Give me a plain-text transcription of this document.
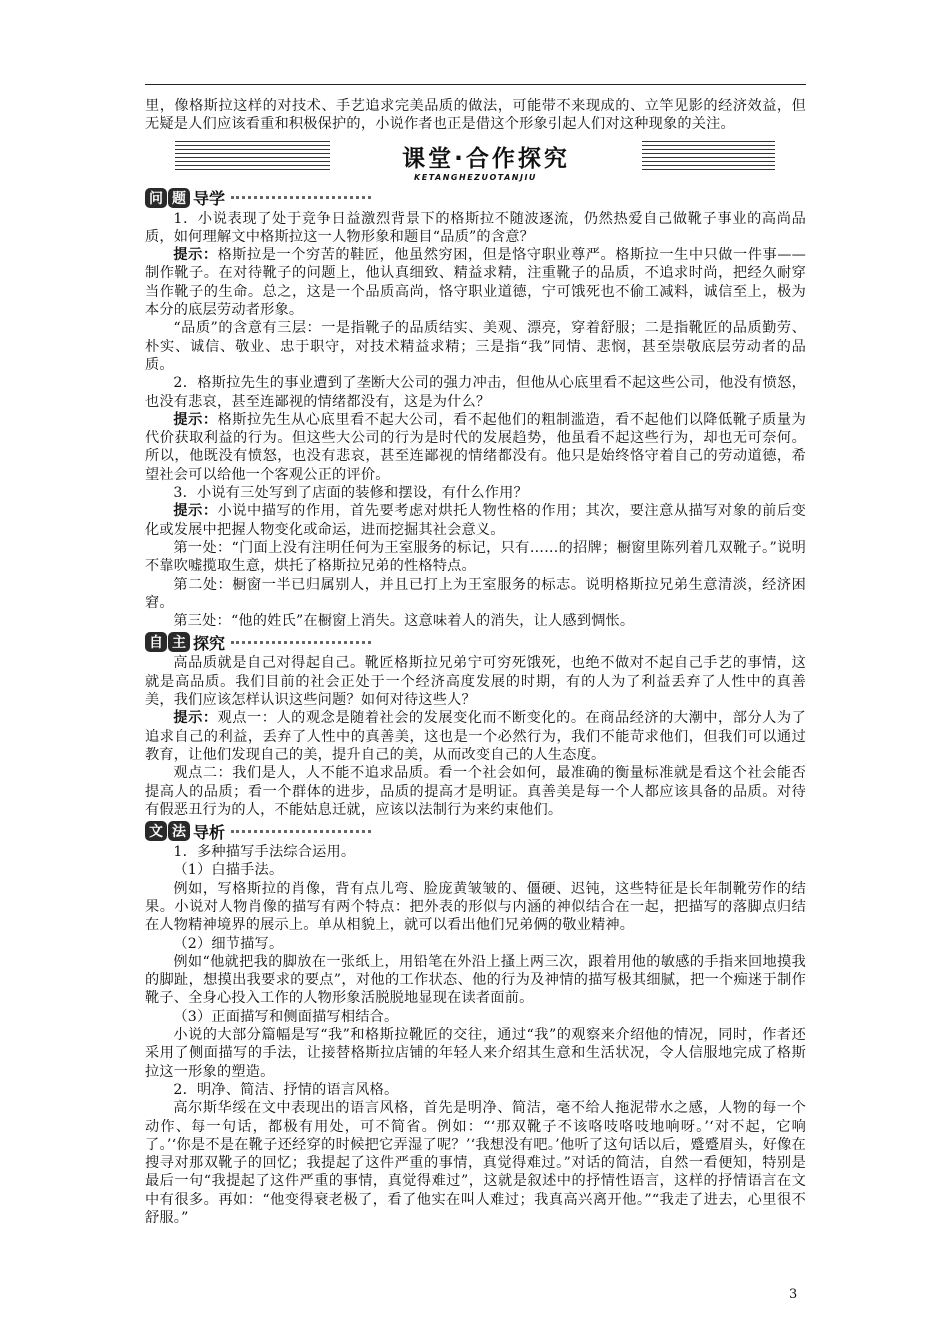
里，像格斯拉这样的对技术、手艺追求完美品质的做法，可能带不来现成的、立竿见影的经济效益，但无疑是人们应该看重和积极保护的，小说作者也正是借这个形象引起人们对这种现象的关注。

课堂·合作探究
KETANGHEZUOTANJIU
问 题 导学

1．小说表现了处于竞争日益激烈背景下的格斯拉不随波逐流，仍然热爱自己做靴子事业的高尚品质，如何理解文中格斯拉这一人物形象和题目“品质”的含意？

提示：格斯拉是一个穷苦的鞋匠，他虽然穷困，但是恪守职业尊严。格斯拉一生中只做一件事——制作靴子。在对待靴子的问题上，他认真细致、精益求精，注重靴子的品质，不追求时尚，把经久耐穿当作靴子的生命。总之，这是一个品质高尚，恪守职业道德，宁可饿死也不偷工减料，诚信至上，极为本分的底层劳动者形象。

“品质”的含意有三层：一是指靴子的品质结实、美观、漂亮，穿着舒服；二是指靴匠的品质勤劳、朴实、诚信、敬业、忠于职守，对技术精益求精；三是指“我”同情、悲悯，甚至崇敬底层劳动者的品质。

2．格斯拉先生的事业遭到了垄断大公司的强力冲击，但他从心底里看不起这些公司，他没有愤怒，也没有悲哀，甚至连鄙视的情绪都没有，这是为什么？

提示：格斯拉先生从心底里看不起大公司，看不起他们的粗制滥造，看不起他们以降低靴子质量为代价获取利益的行为。但这些大公司的行为是时代的发展趋势，他虽看不起这些行为，却也无可奈何。所以，他既没有愤怒，也没有悲哀，甚至连鄙视的情绪都没有。他只是始终恪守着自己的劳动道德，希望社会可以给他一个客观公正的评价。

3．小说有三处写到了店面的装修和摆设，有什么作用？

提示：小说中描写的作用，首先要考虑对烘托人物性格的作用；其次，要注意从描写对象的前后变化或发展中把握人物变化或命运，进而挖掘其社会意义。

第一处：“门面上没有注明任何为王室服务的标记，只有……的招牌；橱窗里陈列着几双靴子。”说明不靠吹嘘揽取生意，烘托了格斯拉兄弟的性格特点。

第二处：橱窗一半已归属别人，并且已打上为王室服务的标志。说明格斯拉兄弟生意清淡，经济困窘。

第三处：“他的姓氏”在橱窗上消失。这意味着人的消失，让人感到惆怅。

自 主 探究

高品质就是自己对得起自己。靴匠格斯拉兄弟宁可穷死饿死，也绝不做对不起自己手艺的事情，这就是高品质。我们目前的社会正处于一个经济高度发展的时期，有的人为了利益丢弃了人性中的真善美，我们应该怎样认识这些问题？如何对待这些人？

提示：观点一：人的观念是随着社会的发展变化而不断变化的。在商品经济的大潮中，部分人为了追求自己的利益，丢弃了人性中的真善美，这也是一个必然行为，我们不能苛求他们，但我们可以通过教育，让他们发现自己的美，提升自己的美，从而改变自己的人生态度。

观点二：我们是人，人不能不追求品质。看一个社会如何，最准确的衡量标准就是看这个社会能否提高人的品质；看一个群体的进步，品质的提高才是明证。真善美是每一个人都应该具备的品质。对待有假恶丑行为的人，不能姑息迁就，应该以法制行为来约束他们。

文 法 导析

1．多种描写手法综合运用。

（1）白描手法。

例如，写格斯拉的肖像，背有点儿弯、脸庞黄皱皱的、僵硬、迟钝，这些特征是长年制靴劳作的结果。小说对人物肖像的描写有两个特点：把外表的形似与内涵的神似结合在一起，把描写的落脚点归结在人物精神境界的展示上。单从相貌上，就可以看出他们兄弟俩的敬业精神。

（2）细节描写。

例如“他就把我的脚放在一张纸上，用铅笔在外沿上搔上两三次，跟着用他的敏感的手指来回地摸我的脚趾，想摸出我要求的要点”，对他的工作状态、他的行为及神情的描写极其细腻，把一个痴迷于制作靴子、全身心投入工作的人物形象活脱脱地显现在读者面前。

（3）正面描写和侧面描写相结合。

小说的大部分篇幅是写“我”和格斯拉靴匠的交往，通过“我”的观察来介绍他的情况，同时，作者还采用了侧面描写的手法，让接替格斯拉店铺的年轻人来介绍其生意和生活状况，令人信服地完成了格斯拉这一形象的塑造。

2．明净、简洁、抒情的语言风格。

高尔斯华绥在文中表现出的语言风格，首先是明净、简洁，毫不给人拖泥带水之感，人物的每一个动作、每一句话，都极有用处，可不简省。例如：“‘那双靴子不该咯吱咯吱地响呀。’‘对不起，它响了。’‘你是不是在靴子还经穿的时候把它弄湿了呢？’‘我想没有吧。’他听了这句话以后，蹙蹙眉头，好像在搜寻对那双靴子的回忆；我提起了这件严重的事情，真觉得难过。”对话的简洁，自然一看便知，特别是最后一句“我提起了这件严重的事情，真觉得难过”，这就是叙述中的抒情性语言，这样的抒情语言在文中有很多。再如：“他变得衰老极了，看了他实在叫人难过；我真高兴离开他。”“我走了进去，心里很不舒服。”

3
